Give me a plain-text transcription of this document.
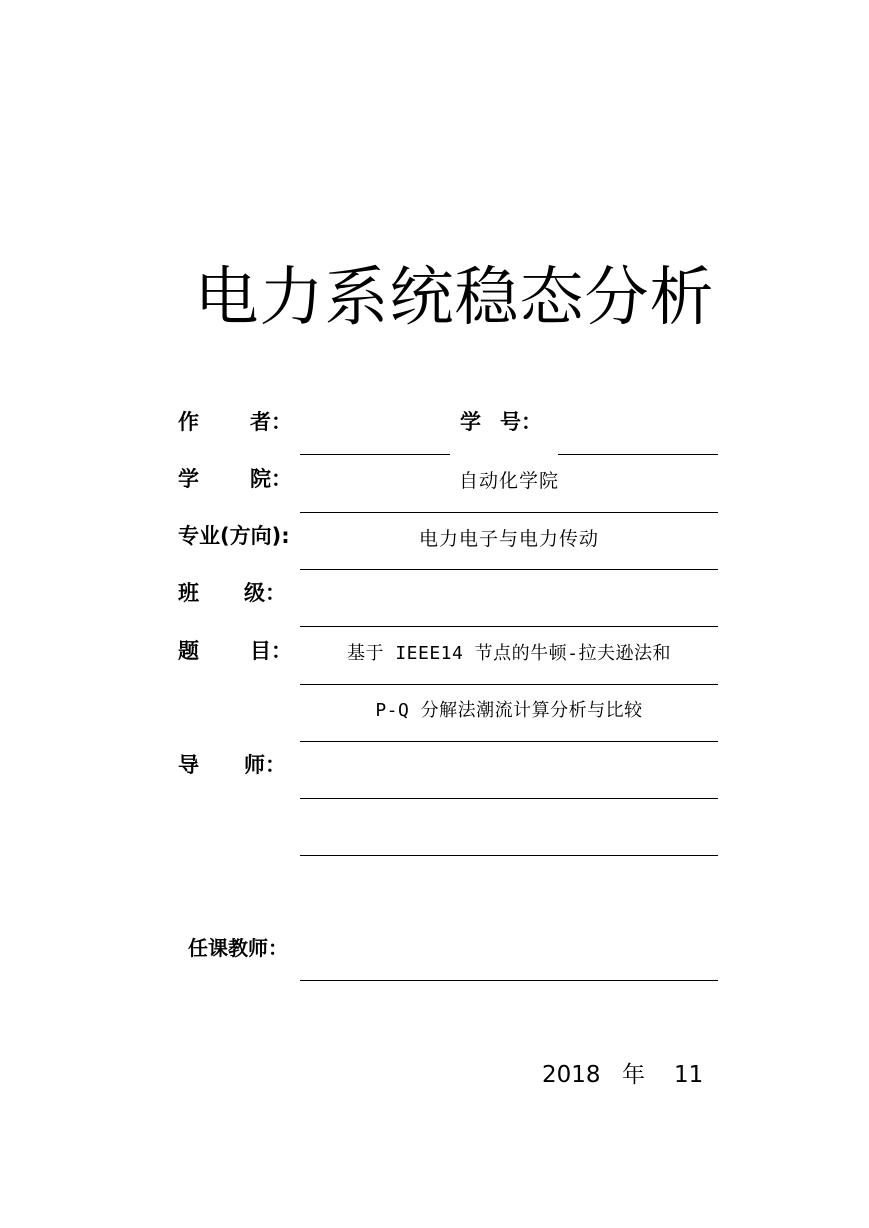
电力系统稳态分析
作 者：	学 号：
学 院：	自动化学院
专业(方向):	电力电子与电力传动
班 级：
题 目：	基于 IEEE14 节点的牛顿-拉夫逊法和
P-Q 分解法潮流计算分析与比较
导 师：
任课教师：
2018 年 11
